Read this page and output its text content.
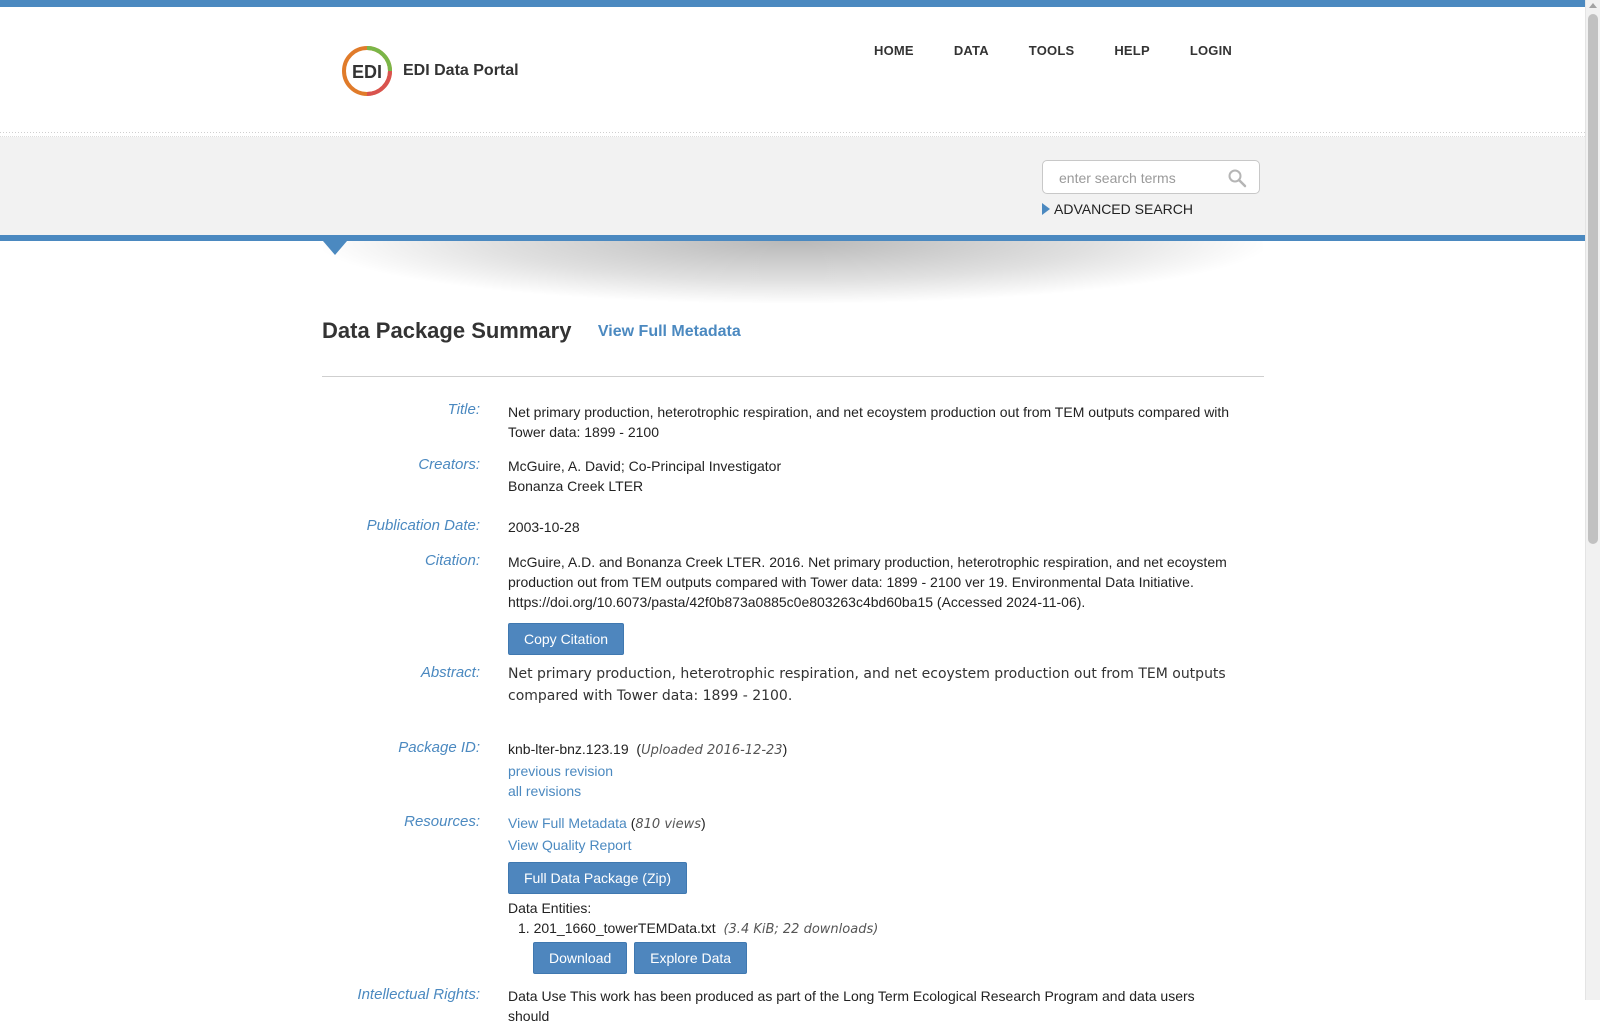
EDI EDI Data Portal
HOME	DATA	TOOLS	HELP	LOGIN
enter search terms
ADVANCED SEARCH
Data Package Summary View Full Metadata
Title: Net primary production, heterotrophic respiration, and net ecoystem production out from TEM outputs compared with
Tower data: 1899 - 2100
Creators: McGuire, A. David; Co-Principal Investigator
Bonanza Creek LTER
Publication Date: 2003-10-28
Citation: McGuire, A.D. and Bonanza Creek LTER. 2016. Net primary production, heterotrophic respiration, and net ecoystem
production out from TEM outputs compared with Tower data: 1899 - 2100 ver 19. Environmental Data Initiative.
https://doi.org/10.6073/pasta/42f0b873a0885c0e803263c4bd60ba15 (Accessed 2024-11-06).
Copy Citation
Abstract: Net primary production, heterotrophic respiration, and net ecoystem production out from TEM outputs
compared with Tower data: 1899 - 2100.
Package ID: knb-lter-bnz.123.19  (Uploaded 2016-12-23)
previous revision
all revisions
Resources: View Full Metadata (810 views)
View Quality Report
Full Data Package (Zip)
Data Entities:
1. 201_1660_towerTEMData.txt (3.4 KiB; 22 downloads)
Download	Explore Data
Intellectual Rights: Data Use This work has been produced as part of the Long Term Ecological Research Program and data users should
